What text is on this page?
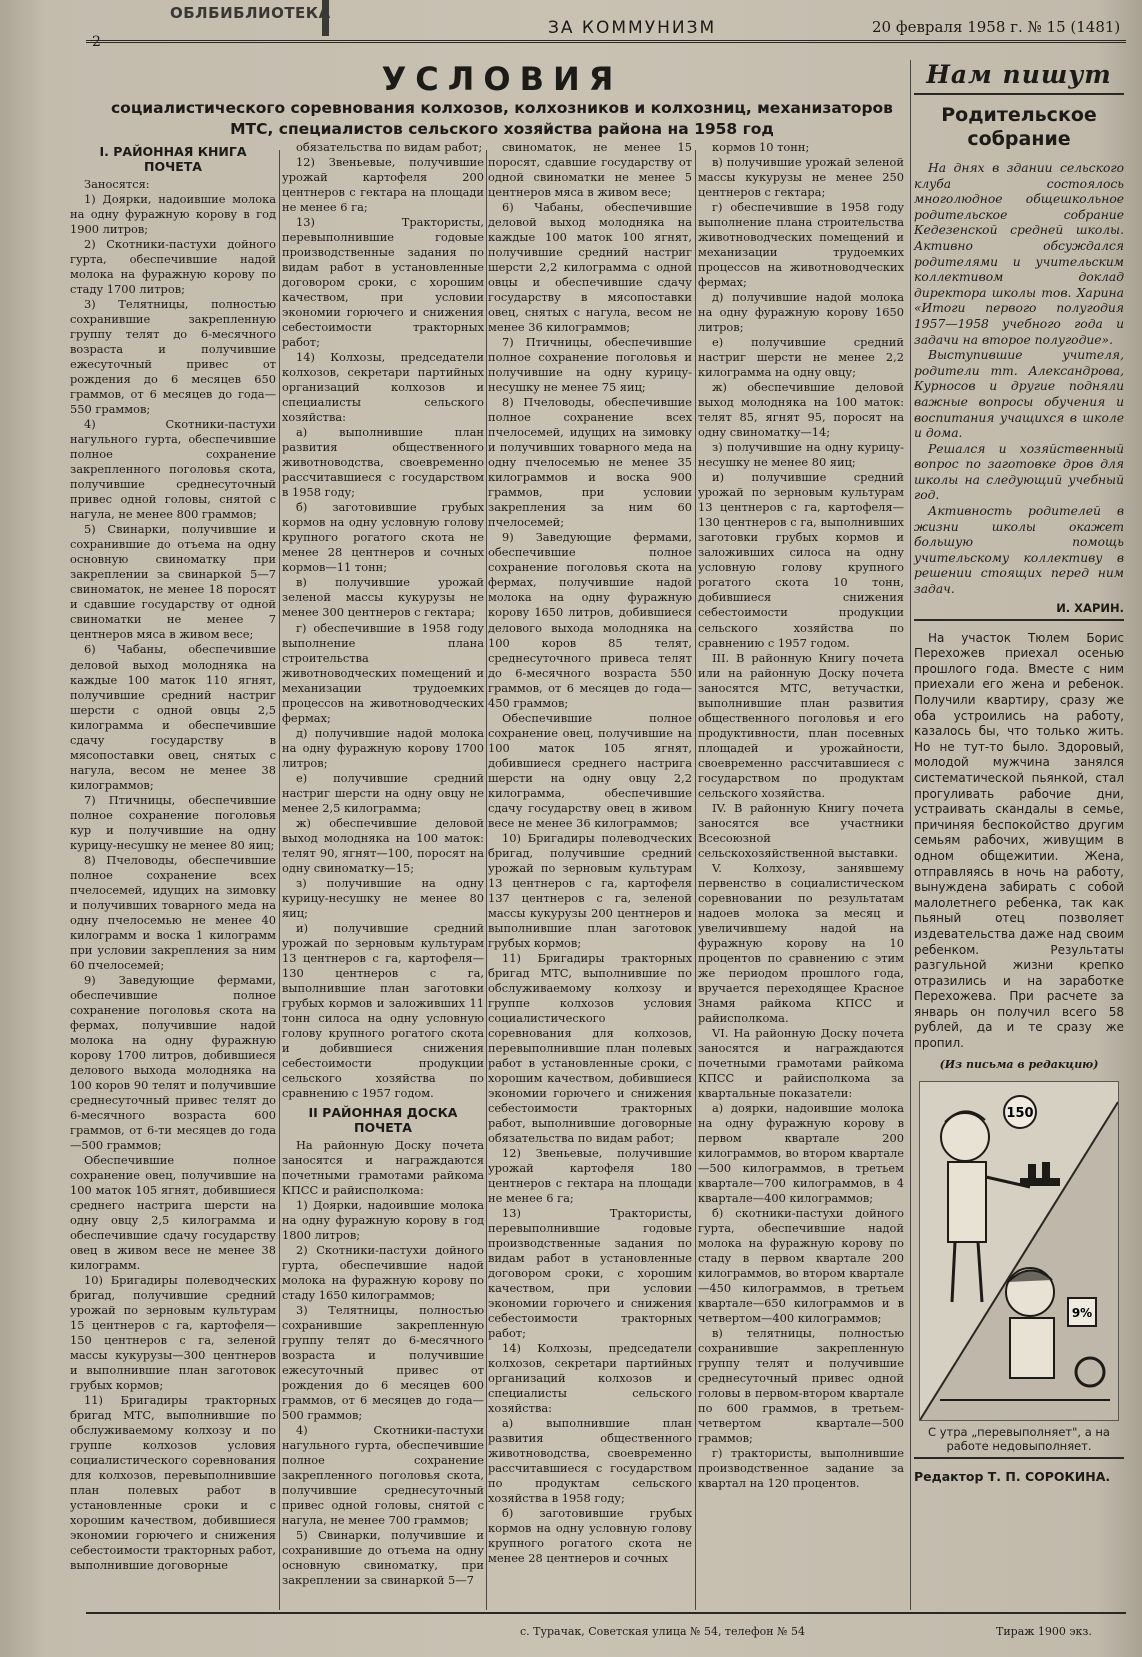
ОБЛБИБЛИОТЕКА
2
ЗА КОММУНИЗМ	20 февраля 1958 г. № 15 (1481)
УСЛОВИЯ
социалистического соревнования колхозов, колхозников и колхозниц, механизаторов МТС, специалистов сельского хозяйства района на 1958 год
I. РАЙОННАЯ КНИГА ПОЧЕТА

Заносятся:

1) Доярки, надоившие молока на одну фуражную корову в год 1900 литров;

2) Скотники-пастухи дойного гурта, обеспечившие надой молока на фуражную корову по стаду 1700 литров;

3) Телятницы, полностью сохранившие закрепленную группу телят до 6-месячного возраста и получившие ежесуточный привес от рождения до 6 месяцев 650 граммов, от 6 месяцев до года—550 граммов;

4) Скотники-пастухи нагульного гурта, обеспечившие полное сохранение закрепленного поголовья скота, получившие среднесуточный привес одной головы, снятой с нагула, не менее 800 граммов;

5) Свинарки, получившие и сохранившие до отъема на одну основную свиноматку при закреплении за свинаркой 5—7 свиноматок, не менее 18 поросят и сдавшие государству от одной свиноматки не менее 7 центнеров мяса в живом весе;

6) Чабаны, обеспечившие деловой выход молодняка на каждые 100 маток 110 ягнят, получившие средний настриг шерсти с одной овцы 2,5 килограмма и обеспечившие сдачу государству в мясопоставки овец, снятых с нагула, весом не менее 38 килограммов;

7) Птичницы, обеспечившие полное сохранение поголовья кур и получившие на одну курицу-несушку не менее 80 яиц;

8) Пчеловоды, обеспечившие полное сохранение всех пчелосемей, идущих на зимовку и получивших товарного меда на одну пчелосемью не менее 40 килограмм и воска 1 килограмм при условии закрепления за ним 60 пчелосемей;

9) Заведующие фермами, обеспечившие полное сохранение поголовья скота на фермах, получившие надой молока на одну фуражную корову 1700 литров, добившиеся делового выхода молодняка на 100 коров 90 телят и получившие среднесуточный привес телят до 6-месячного возраста 600 граммов, от 6-ти месяцев до года—500 граммов;

Обеспечившие полное сохранение овец, получившие на 100 маток 105 ягнят, добившиеся среднего настрига шерсти на одну овцу 2,5 килограмма и обеспечившие сдачу государству овец в живом весе не менее 38 килограмм.

10) Бригадиры полеводческих бригад, получившие средний урожай по зерновым культурам 15 центнеров с га, картофеля—150 центнеров с га, зеленой массы кукурузы—300 центнеров и выполнившие план заготовок грубых кормов;

11) Бригадиры тракторных бригад МТС, выполнившие по обслуживаемому колхозу и по группе колхозов условия социалистического соревнования для колхозов, перевыполнившие план полевых работ в установленные сроки и с хорошим качеством, добившиеся экономии горючего и снижения себестоимости тракторных работ, выполнившие договорные

обязательства по видам работ;

12) Звеньевые, получившие урожай картофеля 200 центнеров с гектара на площади не менее 6 га;

13) Трактористы, перевыполнившие годовые производственные задания по видам работ в установленные договором сроки, с хорошим качеством, при условии экономии горючего и снижения себестоимости тракторных работ;

14) Колхозы, председатели колхозов, секретари партийных организаций колхозов и специалисты сельского хозяйства:

а) выполнившие план развития общественного животноводства, своевременно рассчитавшиеся с государством в 1958 году;

б) заготовившие грубых кормов на одну условную голову крупного рогатого скота не менее 28 центнеров и сочных кормов—11 тонн;

в) получившие урожай зеленой массы кукурузы не менее 300 центнеров с гектара;

г) обеспечившие в 1958 году выполнение плана строительства животноводческих помещений и механизации трудоемких процессов на животноводческих фермах;

д) получившие надой молока на одну фуражную корову 1700 литров;

е) получившие средний настриг шерсти на одну овцу не менее 2,5 килограмма;

ж) обеспечившие деловой выход молодняка на 100 маток: телят 90, ягнят—100, поросят на одну свиноматку—15;

з) получившие на одну курицу-несушку не менее 80 яиц;

и) получившие средний урожай по зерновым культурам 13 центнеров с га, картофеля—130 центнеров с га, выполнившие план заготовки грубых кормов и заложивших 11 тонн силоса на одну условную голову крупного рогатого скота и добившиеся снижения себестоимости продукции сельского хозяйства по сравнению с 1957 годом.

II РАЙОННАЯ ДОСКА ПОЧЕТА

На районную Доску почета заносятся и награждаются почетными грамотами райкома КПСС и райисполкома:

1) Доярки, надоившие молока на одну фуражную корову в год 1800 литров;

2) Скотники-пастухи дойного гурта, обеспечившие надой молока на фуражную корову по стаду 1650 килограммов;

3) Телятницы, полностью сохранившие закрепленную группу телят до 6-месячного возраста и получившие ежесуточный привес от рождения до 6 месяцев 600 граммов, от 6 месяцев до года—500 граммов;

4) Скотники-пастухи нагульного гурта, обеспечившие полное сохранение закрепленного поголовья скота, получившие среднесуточный привес одной головы, снятой с нагула, не менее 700 граммов;

5) Свинарки, получившие и сохранившие до отъема на одну основную свиноматку, при закреплении за свинаркой 5—7

свиноматок, не менее 15 поросят, сдавшие государству от одной свиноматки не менее 5 центнеров мяса в живом весе;

6) Чабаны, обеспечившие деловой выход молодняка на каждые 100 маток 100 ягнят, получившие средний настриг шерсти 2,2 килограмма с одной овцы и обеспечившие сдачу государству в мясопоставки овец, снятых с нагула, весом не менее 36 килограммов;

7) Птичницы, обеспечившие полное сохранение поголовья и получившие на одну курицу-несушку не менее 75 яиц;

8) Пчеловоды, обеспечившие полное сохранение всех пчелосемей, идущих на зимовку и получивших товарного меда на одну пчелосемью не менее 35 килограммов и воска 900 граммов, при условии закрепления за ним 60 пчелосемей;

9) Заведующие фермами, обеспечившие полное сохранение поголовья скота на фермах, получившие надой молока на одну фуражную корову 1650 литров, добившиеся делового выхода молодняка на 100 коров 85 телят, среднесуточного привеса телят до 6-месячного возраста 550 граммов, от 6 месяцев до года—450 граммов;

Обеспечившие полное сохранение овец, получившие на 100 маток 105 ягнят, добившиеся среднего настрига шерсти на одну овцу 2,2 килограмма, обеспечившие сдачу государству овец в живом весе не менее 36 килограммов;

10) Бригадиры полеводческих бригад, получившие средний урожай по зерновым культурам 13 центнеров с га, картофеля 137 центнеров с га, зеленой массы кукурузы 200 центнеров и выполнившие план заготовок грубых кормов;

11) Бригадиры тракторных бригад МТС, выполнившие по обслуживаемому колхозу и группе колхозов условия социалистического соревнования для колхозов, перевыполнившие план полевых работ в установленные сроки, с хорошим качеством, добившиеся экономии горючего и снижения себестоимости тракторных работ, выполнившие договорные обязательства по видам работ;

12) Звеньевые, получившие урожай картофеля 180 центнеров с гектара на площади не менее 6 га;

13) Трактористы, перевыполнившие годовые производственные задания по видам работ в установленные договором сроки, с хорошим качеством, при условии экономии горючего и снижения себестоимости тракторных работ;

14) Колхозы, председатели колхозов, секретари партийных организаций колхозов и специалисты сельского хозяйства:

а) выполнившие план развития общественного животноводства, своевременно рассчитавшиеся с государством по продуктам сельского хозяйства в 1958 году;

б) заготовившие грубых кормов на одну условную голову крупного рогатого скота не менее 28 центнеров и сочных

кормов 10 тонн;

в) получившие урожай зеленой массы кукурузы не менее 250 центнеров с гектара;

г) обеспечившие в 1958 году выполнение плана строительства животноводческих помещений и механизации трудоемких процессов на животноводческих фермах;

д) получившие надой молока на одну фуражную корову 1650 литров;

е) получившие средний настриг шерсти не менее 2,2 килограмма на одну овцу;

ж) обеспечившие деловой выход молодняка на 100 маток: телят 85, ягнят 95, поросят на одну свиноматку—14;

з) получившие на одну курицу-несушку не менее 80 яиц;

и) получившие средний урожай по зерновым культурам 13 центнеров с га, картофеля—130 центнеров с га, выполнивших заготовки грубых кормов и заложивших силоса на одну условную голову крупного рогатого скота 10 тонн, добившиеся снижения себестоимости продукции сельского хозяйства по сравнению с 1957 годом.

III. В районную Книгу почета или на районную Доску почета заносятся МТС, ветучастки, выполнившие план развития общественного поголовья и его продуктивности, план посевных площадей и урожайности, своевременно рассчитавшиеся с государством по продуктам сельского хозяйства.

IV. В районную Книгу почета заносятся все участники Всесоюзной сельскохозяйственной выставки.

V. Колхозу, занявшему первенство в социалистическом соревновании по результатам надоев молока за месяц и увеличившему надой на фуражную корову на 10 процентов по сравнению с этим же периодом прошлого года, вручается переходящее Красное Знамя райкома КПСС и райисполкома.

VI. На районную Доску почета заносятся и награждаются почетными грамотами райкома КПСС и райисполкома за квартальные показатели:

а) доярки, надоившие молока на одну фуражную корову в первом квартале 200 килограммов, во втором квартале—500 килограммов, в третьем квартале—700 килограммов, в 4 квартале—400 килограммов;

б) скотники-пастухи дойного гурта, обеспечившие надой молока на фуражную корову по стаду в первом квартале 200 килограммов, во втором квартале—450 килограммов, в третьем квартале—650 килограммов и в четвертом—400 килограммов;

в) телятницы, полностью сохранившие закрепленную группу телят и получившие среднесуточный привес одной головы в первом-втором квартале по 600 граммов, в третьем-четвертом квартале—500 граммов;

г) трактористы, выполнившие производственное задание за квартал на 120 процентов.

Нам пишут
Родительское собрание

На днях в здании сельского клуба состоялось многолюдное общешкольное родительское собрание Кедезенской средней школы. Активно обсуждался родителями и учительским коллективом доклад директора школы тов. Харина «Итоги первого полугодия 1957—1958 учебного года и задачи на второе полугодие».

Выступившие учителя, родители тт. Александрова, Курносов и другие подняли важные вопросы обучения и воспитания учащихся в школе и дома.

Решался и хозяйственный вопрос по заготовке дров для школы на следующий учебный год.

Активность родителей в жизни школы окажет большую помощь учительскому коллективу в решении стоящих перед ним задач.

И. ХАРИН.

На участок Тюлем Борис Перехожев приехал осенью прошлого года. Вместе с ним приехали его жена и ребенок. Получили квартиру, сразу же оба устроились на работу, казалось бы, что только жить. Но не тут-то было. Здоровый, молодой мужчина занялся систематической пьянкой, стал прогуливать рабочие дни, устраивать скандалы в семье, причиняя беспокойство другим семьям рабочих, живущим в одном общежитии. Жена, отправляясь в ночь на работу, вынуждена забирать с собой малолетнего ребенка, так как пьяный отец позволяет издевательства даже над своим ребенком. Результаты разгульной жизни крепко отразились и на заработке Перехожева. При расчете за январь он получил всего 58 рублей, да и те сразу же пропил.

(Из письма в редакцию)
150
9%
С утра „перевыполняет", а на работе недовыполняет.
Редактор Т. П. СОРОКИНА.
с. Турачак, Советская улица № 54, телефон № 54	Тираж 1900 экз.
